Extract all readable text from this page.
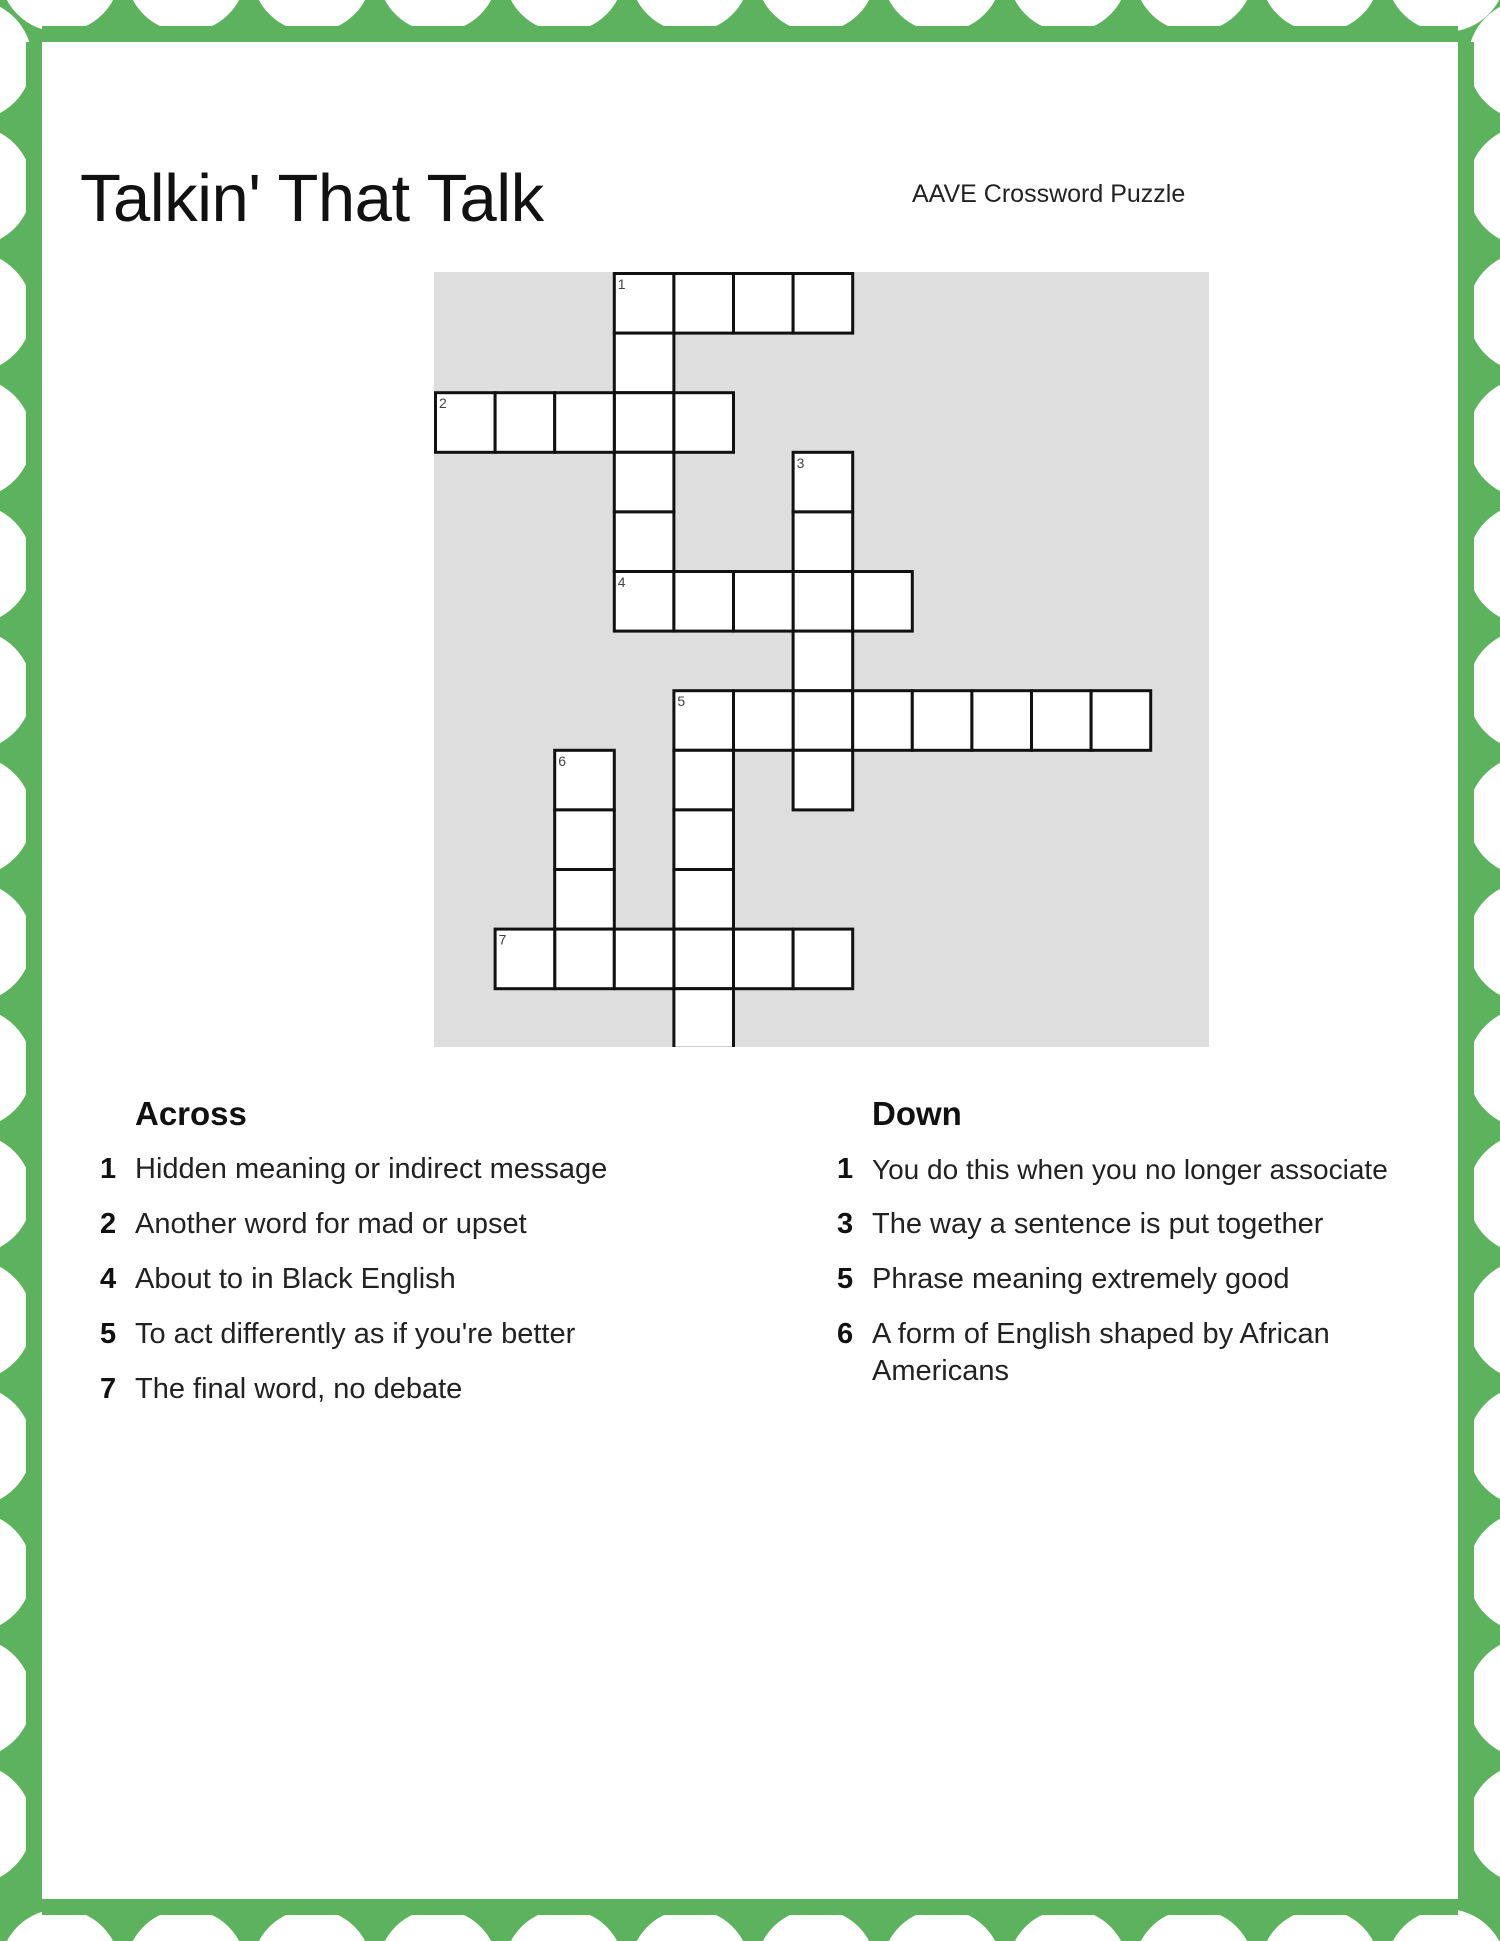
Talkin' That Talk	AAVE Crossword Puzzle
1
2
3
4
5
6
7
Across
1 Hidden meaning or indirect message
2 Another word for mad or upset
4 About to in Black English
5 To act differently as if you're better
7 The final word, no debate
Down
1 You do this when you no longer associate
3 The way a sentence is put together
5 Phrase meaning extremely good
6 A form of English shaped by African Americans
